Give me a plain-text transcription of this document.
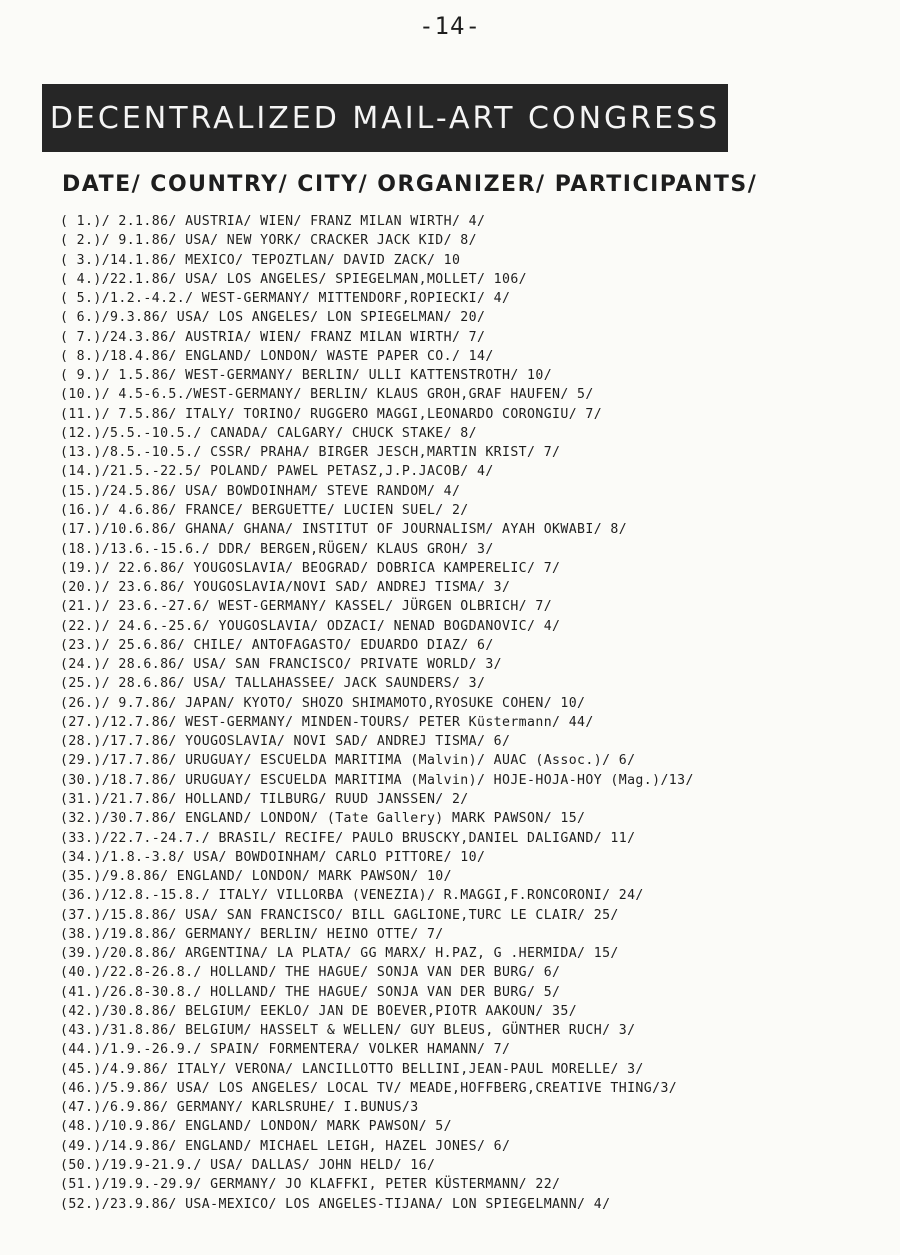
-14-
DECENTRALIZED MAIL-ART CONGRESS
DATE/ COUNTRY/ CITY/ ORGANIZER/ PARTICIPANTS/
( 1.)/ 2.1.86/ AUSTRIA/ WIEN/ FRANZ MILAN WIRTH/ 4/
( 2.)/ 9.1.86/ USA/ NEW YORK/ CRACKER JACK KID/ 8/
( 3.)/14.1.86/ MEXICO/ TEPOZTLAN/ DAVID ZACK/ 10
( 4.)/22.1.86/ USA/ LOS ANGELES/ SPIEGELMAN,MOLLET/ 106/
( 5.)/1.2.-4.2./ WEST-GERMANY/ MITTENDORF,ROPIECKI/ 4/
( 6.)/9.3.86/ USA/ LOS ANGELES/ LON SPIEGELMAN/ 20/
( 7.)/24.3.86/ AUSTRIA/ WIEN/ FRANZ MILAN WIRTH/ 7/
( 8.)/18.4.86/ ENGLAND/ LONDON/ WASTE PAPER CO./ 14/
( 9.)/ 1.5.86/ WEST-GERMANY/ BERLIN/ ULLI KATTENSTROTH/ 10/
(10.)/ 4.5-6.5./WEST-GERMANY/ BERLIN/ KLAUS GROH,GRAF HAUFEN/ 5/
(11.)/ 7.5.86/ ITALY/ TORINO/ RUGGERO MAGGI,LEONARDO CORONGIU/ 7/
(12.)/5.5.-10.5./ CANADA/ CALGARY/ CHUCK STAKE/ 8/
(13.)/8.5.-10.5./ CSSR/ PRAHA/ BIRGER JESCH,MARTIN KRIST/ 7/
(14.)/21.5.-22.5/ POLAND/ PAWEL PETASZ,J.P.JACOB/ 4/
(15.)/24.5.86/ USA/ BOWDOINHAM/ STEVE RANDOM/ 4/
(16.)/ 4.6.86/ FRANCE/ BERGUETTE/ LUCIEN SUEL/ 2/
(17.)/10.6.86/ GHANA/ GHANA/ INSTITUT OF JOURNALISM/ AYAH OKWABI/ 8/
(18.)/13.6.-15.6./ DDR/ BERGEN,RÜGEN/ KLAUS GROH/ 3/
(19.)/ 22.6.86/ YOUGOSLAVIA/ BEOGRAD/ DOBRICA KAMPERELIC/ 7/
(20.)/ 23.6.86/ YOUGOSLAVIA/NOVI SAD/ ANDREJ TISMA/ 3/
(21.)/ 23.6.-27.6/ WEST-GERMANY/ KASSEL/ JÜRGEN OLBRICH/ 7/
(22.)/ 24.6.-25.6/ YOUGOSLAVIA/ ODZACI/ NENAD BOGDANOVIC/ 4/
(23.)/ 25.6.86/ CHILE/ ANTOFAGASTO/ EDUARDO DIAZ/ 6/
(24.)/ 28.6.86/ USA/ SAN FRANCISCO/ PRIVATE WORLD/ 3/
(25.)/ 28.6.86/ USA/ TALLAHASSEE/ JACK SAUNDERS/ 3/
(26.)/ 9.7.86/ JAPAN/ KYOTO/ SHOZO SHIMAMOTO,RYOSUKE COHEN/ 10/
(27.)/12.7.86/ WEST-GERMANY/ MINDEN-TOURS/ PETER Küstermann/ 44/
(28.)/17.7.86/ YOUGOSLAVIA/ NOVI SAD/ ANDREJ TISMA/ 6/
(29.)/17.7.86/ URUGUAY/ ESCUELDA MARITIMA (Malvin)/ AUAC (Assoc.)/ 6/
(30.)/18.7.86/ URUGUAY/ ESCUELDA MARITIMA (Malvin)/ HOJE-HOJA-HOY (Mag.)/13/
(31.)/21.7.86/ HOLLAND/ TILBURG/ RUUD JANSSEN/ 2/
(32.)/30.7.86/ ENGLAND/ LONDON/ (Tate Gallery) MARK PAWSON/ 15/
(33.)/22.7.-24.7./ BRASIL/ RECIFE/ PAULO BRUSCKY,DANIEL DALIGAND/ 11/
(34.)/1.8.-3.8/ USA/ BOWDOINHAM/ CARLO PITTORE/ 10/
(35.)/9.8.86/ ENGLAND/ LONDON/ MARK PAWSON/ 10/
(36.)/12.8.-15.8./ ITALY/ VILLORBA (VENEZIA)/ R.MAGGI,F.RONCORONI/ 24/
(37.)/15.8.86/ USA/ SAN FRANCISCO/ BILL GAGLIONE,TURC LE CLAIR/ 25/
(38.)/19.8.86/ GERMANY/ BERLIN/ HEINO OTTE/ 7/
(39.)/20.8.86/ ARGENTINA/ LA PLATA/ GG MARX/ H.PAZ, G .HERMIDA/ 15/
(40.)/22.8-26.8./ HOLLAND/ THE HAGUE/ SONJA VAN DER BURG/ 6/
(41.)/26.8-30.8./ HOLLAND/ THE HAGUE/ SONJA VAN DER BURG/ 5/
(42.)/30.8.86/ BELGIUM/ EEKLO/ JAN DE BOEVER,PIOTR AAKOUN/ 35/
(43.)/31.8.86/ BELGIUM/ HASSELT & WELLEN/ GUY BLEUS, GÜNTHER RUCH/ 3/
(44.)/1.9.-26.9./ SPAIN/ FORMENTERA/ VOLKER HAMANN/ 7/
(45.)/4.9.86/ ITALY/ VERONA/ LANCILLOTTO BELLINI,JEAN-PAUL MORELLE/ 3/
(46.)/5.9.86/ USA/ LOS ANGELES/ LOCAL TV/ MEADE,HOFFBERG,CREATIVE THING/3/
(47.)/6.9.86/ GERMANY/ KARLSRUHE/ I.BUNUS/3
(48.)/10.9.86/ ENGLAND/ LONDON/ MARK PAWSON/ 5/
(49.)/14.9.86/ ENGLAND/ MICHAEL LEIGH, HAZEL JONES/ 6/
(50.)/19.9-21.9./ USA/ DALLAS/ JOHN HELD/ 16/
(51.)/19.9.-29.9/ GERMANY/ JO KLAFFKI, PETER KÜSTERMANN/ 22/
(52.)/23.9.86/ USA-MEXICO/ LOS ANGELES-TIJANA/ LON SPIEGELMANN/ 4/
